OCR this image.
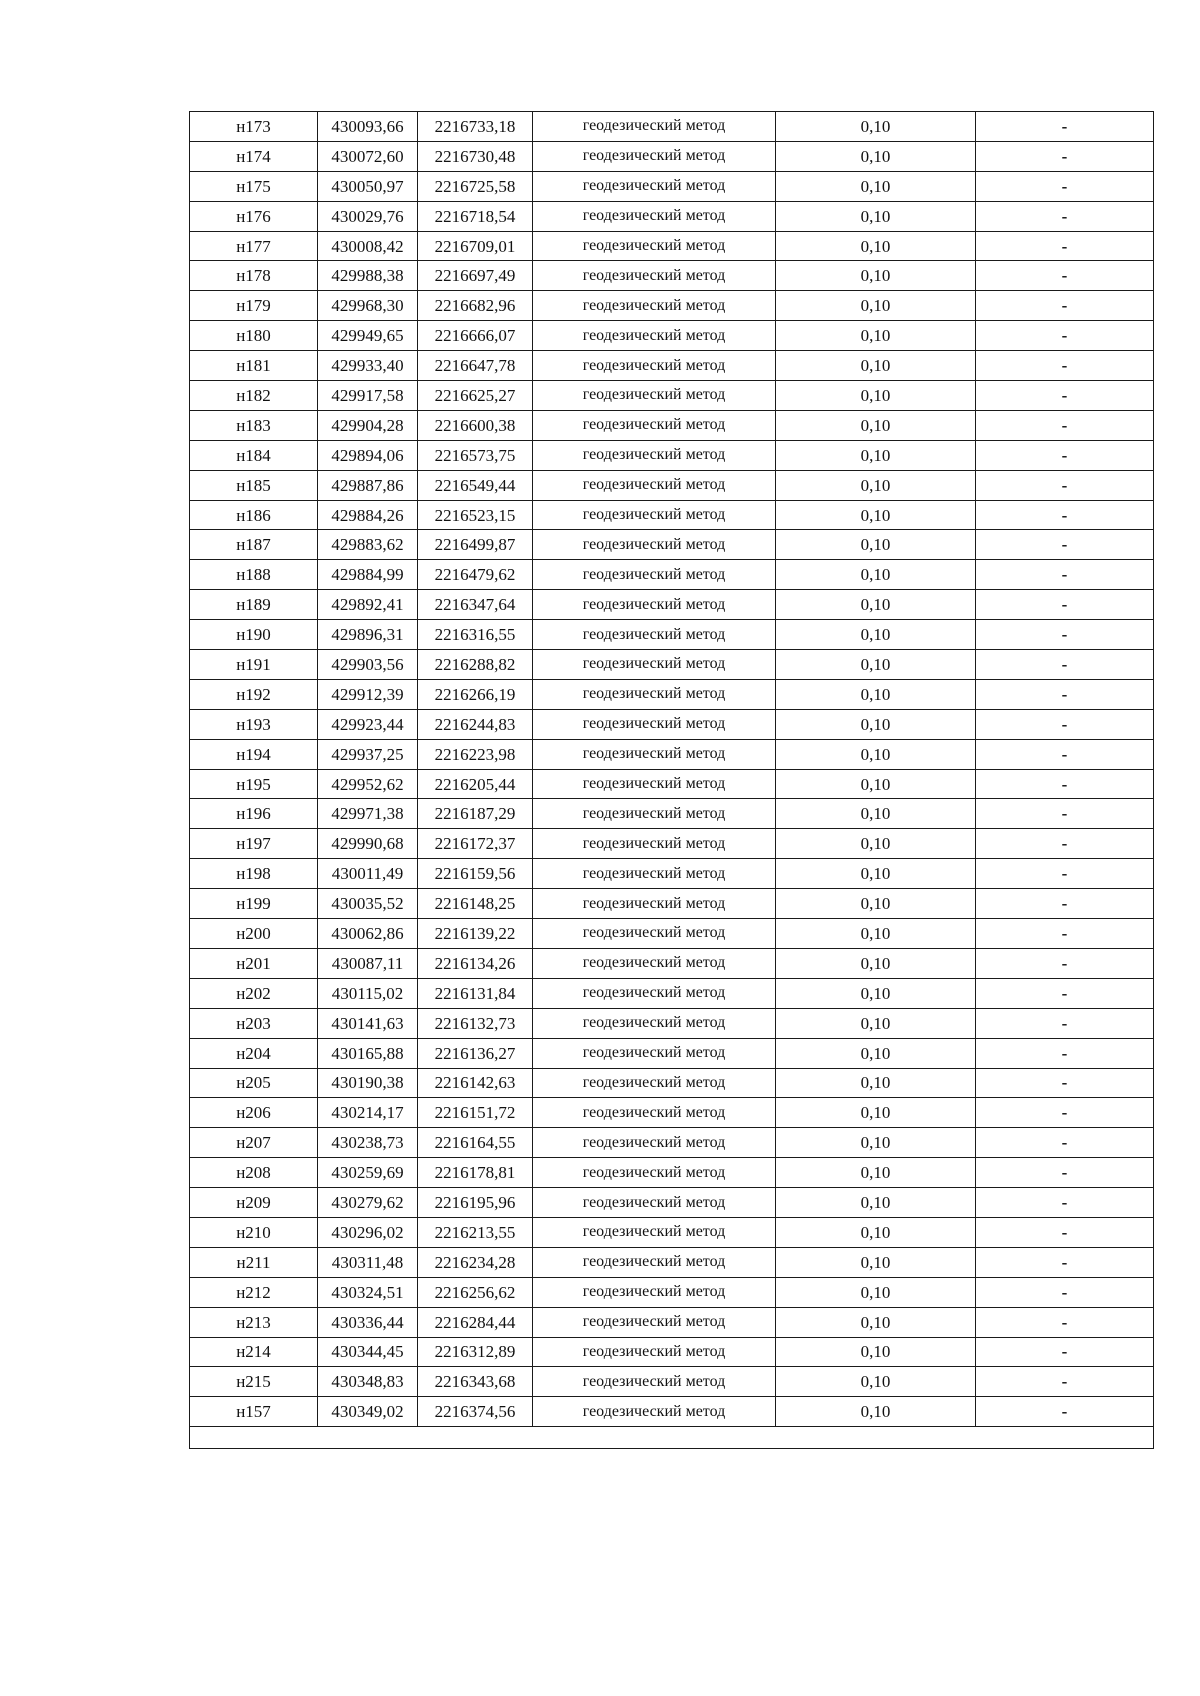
н173	430093,66	2216733,18	геодезический метод	0,10	-
н174	430072,60	2216730,48	геодезический метод	0,10	-
н175	430050,97	2216725,58	геодезический метод	0,10	-
н176	430029,76	2216718,54	геодезический метод	0,10	-
н177	430008,42	2216709,01	геодезический метод	0,10	-
н178	429988,38	2216697,49	геодезический метод	0,10	-
н179	429968,30	2216682,96	геодезический метод	0,10	-
н180	429949,65	2216666,07	геодезический метод	0,10	-
н181	429933,40	2216647,78	геодезический метод	0,10	-
н182	429917,58	2216625,27	геодезический метод	0,10	-
н183	429904,28	2216600,38	геодезический метод	0,10	-
н184	429894,06	2216573,75	геодезический метод	0,10	-
н185	429887,86	2216549,44	геодезический метод	0,10	-
н186	429884,26	2216523,15	геодезический метод	0,10	-
н187	429883,62	2216499,87	геодезический метод	0,10	-
н188	429884,99	2216479,62	геодезический метод	0,10	-
н189	429892,41	2216347,64	геодезический метод	0,10	-
н190	429896,31	2216316,55	геодезический метод	0,10	-
н191	429903,56	2216288,82	геодезический метод	0,10	-
н192	429912,39	2216266,19	геодезический метод	0,10	-
н193	429923,44	2216244,83	геодезический метод	0,10	-
н194	429937,25	2216223,98	геодезический метод	0,10	-
н195	429952,62	2216205,44	геодезический метод	0,10	-
н196	429971,38	2216187,29	геодезический метод	0,10	-
н197	429990,68	2216172,37	геодезический метод	0,10	-
н198	430011,49	2216159,56	геодезический метод	0,10	-
н199	430035,52	2216148,25	геодезический метод	0,10	-
н200	430062,86	2216139,22	геодезический метод	0,10	-
н201	430087,11	2216134,26	геодезический метод	0,10	-
н202	430115,02	2216131,84	геодезический метод	0,10	-
н203	430141,63	2216132,73	геодезический метод	0,10	-
н204	430165,88	2216136,27	геодезический метод	0,10	-
н205	430190,38	2216142,63	геодезический метод	0,10	-
н206	430214,17	2216151,72	геодезический метод	0,10	-
н207	430238,73	2216164,55	геодезический метод	0,10	-
н208	430259,69	2216178,81	геодезический метод	0,10	-
н209	430279,62	2216195,96	геодезический метод	0,10	-
н210	430296,02	2216213,55	геодезический метод	0,10	-
н211	430311,48	2216234,28	геодезический метод	0,10	-
н212	430324,51	2216256,62	геодезический метод	0,10	-
н213	430336,44	2216284,44	геодезический метод	0,10	-
н214	430344,45	2216312,89	геодезический метод	0,10	-
н215	430348,83	2216343,68	геодезический метод	0,10	-
н157	430349,02	2216374,56	геодезический метод	0,10	-
